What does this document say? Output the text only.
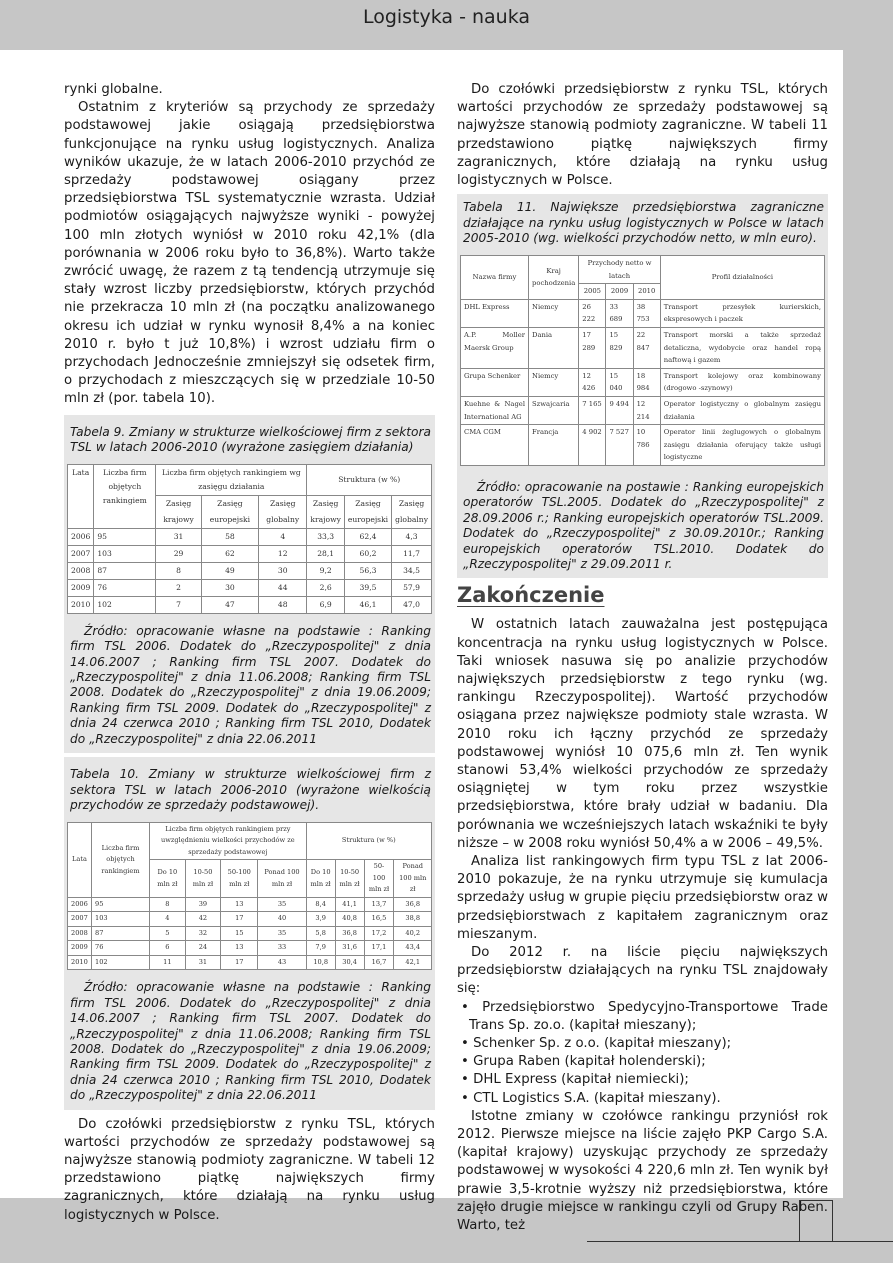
Logistyka - nauka

rynki globalne.

Ostatnim z kryteriów są przychody ze sprzedaży podstawowej jakie osiągają przedsiębiorstwa funkcjonujące na rynku usług logistycznych. Analiza wyników ukazuje, że w latach 2006-2010 przychód ze sprzedaży podstawowej osiągany przez przedsiębiorstwa TSL systematycznie wzrasta. Udział podmiotów osiągających najwyższe wyniki - powyżej 100 mln złotych wyniósł w 2010 roku 42,1% (dla porównania w 2006 roku było to 36,8%). Warto także zwrócić uwagę, że razem z tą tendencją utrzymuje się stały wzrost liczby przedsiębiorstw, których przychód nie przekracza 10 mln zł (na początku analizowanego okresu ich udział w rynku wynosił 8,4% a na koniec 2010 r. było t już 10,8%) i wzrost udziału firm o przychodach Jednocześnie zmniejszył się odsetek firm, o przychodach z mieszczących się w przedziale 10-50 mln zł (por. tabela 10).

Tabela 9. Zmiany w strukturze wielkościowej firm z sektora TSL w latach 2006-2010 (wyrażone zasięgiem działania)
Lata	Liczba firm objętych rankingiem	Liczba firm objętych rankingiem wg zasięgu działania			Struktura (w %)		
		Zasięg	Zasięg	Zasięg	Zasięg	Zasięg	Zasięg
		krajowy	europejski	globalny	krajowy	europejski	globalny
2006	95	31	58	4	33,3	62,4	4,3
2007	103	29	62	12	28,1	60,2	11,7
2008	87	8	49	30	9,2	56,3	34,5
2009	76	2	30	44	2,6	39,5	57,9
2010	102	7	47	48	6,9	46,1	47,0
Źródło: opracowanie własne na podstawie : Ranking firm TSL 2006. Dodatek do „Rzeczypospolitej" z dnia 14.06.2007 ; Ranking firm TSL 2007. Dodatek do „Rzeczypospolitej" z dnia 11.06.2008; Ranking firm TSL 2008. Dodatek do „Rzeczypospolitej" z dnia 19.06.2009; Ranking firm TSL 2009. Dodatek do „Rzeczypospolitej" z dnia 24 czerwca 2010 ; Ranking firm TSL 2010, Dodatek do „Rzeczypospolitej" z dnia 22.06.2011
Tabela 10. Zmiany w strukturze wielkościowej firm z sektora TSL w latach 2006-2010 (wyrażone wielkością przychodów ze sprzedaży podstawowej).
Lata	Liczba firm objętych rankingiem	Liczba firm objętych rankingiem przy uwzględnieniu wielkości przychodów ze sprzedaży podstawowej				Struktura (w %)			
		Do 10 mln zł	10-50 mln zł	50-100 mln zł	Ponad 100 mln zł	Do 10 mln zł	10-50 mln zł	50-100 mln zł	Ponad 100 mln zł
2006	95	8	39	13	35	8,4	41,1	13,7	36,8
2007	103	4	42	17	40	3,9	40,8	16,5	38,8
2008	87	5	32	15	35	5,8	36,8	17,2	40,2
2009	76	6	24	13	33	7,9	31,6	17,1	43,4
2010	102	11	31	17	43	10,8	30,4	16,7	42,1
Źródło: opracowanie własne na podstawie : Ranking firm TSL 2006. Dodatek do „Rzeczypospolitej" z dnia 14.06.2007 ; Ranking firm TSL 2007. Dodatek do „Rzeczypospolitej" z dnia 11.06.2008; Ranking firm TSL 2008. Dodatek do „Rzeczypospolitej" z dnia 19.06.2009; Ranking firm TSL 2009. Dodatek do „Rzeczypospolitej" z dnia 24 czerwca 2010 ; Ranking firm TSL 2010, Dodatek do „Rzeczypospolitej" z dnia 22.06.2011

Do czołówki przedsiębiorstw z rynku TSL, których wartości przychodów ze sprzedaży podstawowej są najwyższe stanowią podmioty zagraniczne. W tabeli 12 przedstawiono piątkę największych firmy zagranicznych, które działają na rynku usług logistycznych w Polsce.

Do czołówki przedsiębiorstw z rynku TSL, których wartości przychodów ze sprzedaży podstawowej są najwyższe stanowią podmioty zagraniczne. W tabeli 11 przedstawiono piątkę największych firmy zagranicznych, które działają na rynku usług logistycznych w Polsce.

Tabela 11. Największe przedsiębiorstwa zagraniczne działające na rynku usług logistycznych w Polsce w latach 2005-2010 (wg. wielkości przychodów netto, w mln euro).
Nazwa firmy	Kraj pochodzenia	Przychody netto w latach			Profil działalności
		2005	2009	2010	
DHL Express	Niemcy	26 222	33 689	38 753	Transport przesyłek kurierskich, ekspresowych i paczek
A.P. Moller Maersk Group	Dania	17 289	15 829	22 847	Transport morski a także sprzedaż detaliczna, wydobycie oraz handel ropą naftową i gazem
Grupa Schenker	Niemcy	12 426	15 040	18 984	Transport kolejowy oraz kombinowany (drogowo -szynowy)
Kuehne & Nagel International AG	Szwajcaria	7 165	9 494	12 214	Operator logistyczny o globalnym zasięgu działania
CMA CGM	Francja	4 902	7 527	10 786	Operator linii żeglugowych o globalnym zasięgu działania oferujący także usługi logistyczne
Źródło: opracowanie na postawie : Ranking europejskich operatorów TSL.2005. Dodatek do „Rzeczypospolitej" z 28.09.2006 r.; Ranking europejskich operatorów TSL.2009. Dodatek do „Rzeczypospolitej" z 30.09.2010r.; Ranking europejskich operatorów TSL.2010. Dodatek do „Rzeczypospolitej" z 29.09.2011 r.
Zakończenie

W ostatnich latach zauważalna jest postępująca koncentracja na rynku usług logistycznych w Polsce. Taki wniosek nasuwa się po analizie przychodów największych przedsiębiorstw z tego rynku (wg. rankingu Rzeczypospolitej). Wartość przychodów osiągana przez największe podmioty stale wzrasta. W 2010 roku ich łączny przychód ze sprzedaży podstawowej wyniósł 10 075,6 mln zł. Ten wynik stanowi 53,4% wielkości przychodów ze sprzedaży osiągniętej w tym roku przez wszystkie przedsiębiorstwa, które brały udział w badaniu. Dla porównania we wcześniejszych latach wskaźniki te były niższe – w 2008 roku wyniósł 50,4% a w 2006 – 49,5%.

Analiza list rankingowych firm typu TSL z lat 2006-2010 pokazuje, że na rynku utrzymuje się kumulacja sprzedaży usług w grupie pięciu przedsiębiorstw oraz w przedsiębiorstwach z kapitałem zagranicznym oraz mieszanym.

Do 2012 r. na liście pięciu największych przedsiębiorstw działających na rynku TSL znajdowały się:

• Przedsiębiorstwo Spedycyjno-Transportowe Trade Trans Sp. zo.o. (kapitał mieszany);
• Schenker Sp. z o.o. (kapitał mieszany);
• Grupa Raben (kapitał holenderski);
• DHL Express (kapitał niemiecki);
• CTL Logistics S.A. (kapitał mieszany).

Istotne zmiany w czołówce rankingu przyniósł rok 2012. Pierwsze miejsce na liście zajęło PKP Cargo S.A. (kapitał krajowy) uzyskując przychody ze sprzedaży podstawowej w wysokości 4 220,6 mln zł. Ten wynik był prawie 3,5-krotnie wyższy niż przedsiębiorstwa, które zajęło drugie miejsce w rankingu czyli od Grupy Raben. Warto, też
